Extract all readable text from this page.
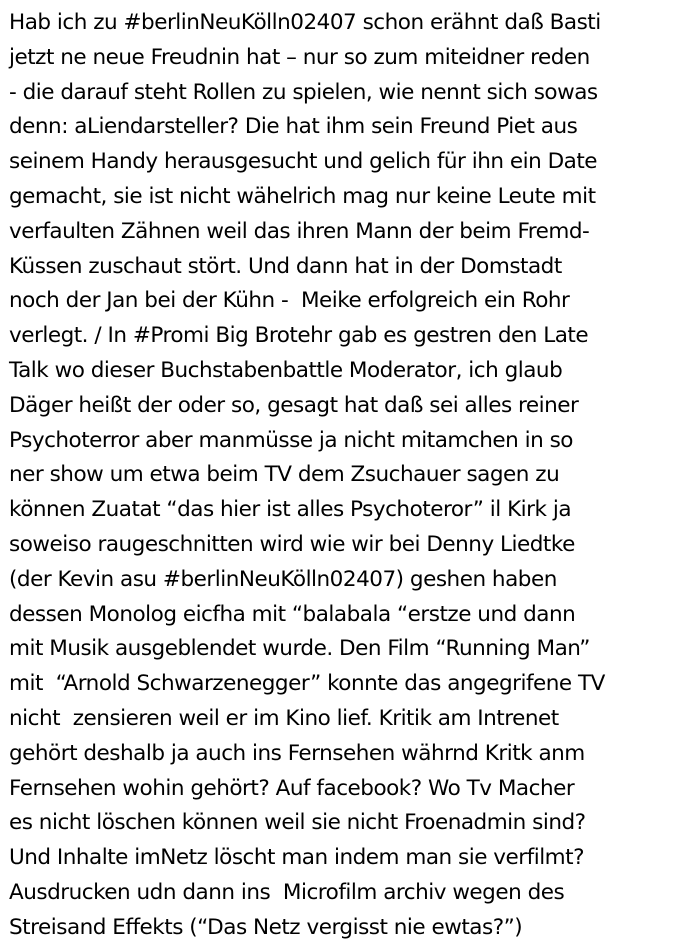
Hab ich zu #berlinNeuKölln02407 schon erähnt daß Basti
jetzt ne neue Freudnin hat – nur so zum miteidner reden
- die darauf steht Rollen zu spielen, wie nennt sich sowas
denn: aLiendarsteller? Die hat ihm sein Freund Piet aus
seinem Handy herausgesucht und gelich für ihn ein Date
gemacht, sie ist nicht wähelrich mag nur keine Leute mit
verfaulten Zähnen weil das ihren Mann der beim Fremd-
Küssen zuschaut stört. Und dann hat in der Domstadt
noch der Jan bei der Kühn -  Meike erfolgreich ein Rohr
verlegt. / In #Promi Big Brotehr gab es gestren den Late
Talk wo dieser Buchstabenbattle Moderator, ich glaub
Däger heißt der oder so, gesagt hat daß sei alles reiner
Psychoterror aber manmüsse ja nicht mitamchen in so
ner show um etwa beim TV dem Zsuchauer sagen zu
können Zuatat “das hier ist alles Psychoteror” il Kirk ja
soweiso raugeschnitten wird wie wir bei Denny Liedtke
(der Kevin asu #berlinNeuKölln02407) geshen haben
dessen Monolog eicfha mit “balabala “erstze und dann
mit Musik ausgeblendet wurde. Den Film “Running Man”
mit  “Arnold Schwarzenegger” konnte das angegrifene TV
nicht  zensieren weil er im Kino lief. Kritik am Intrenet
gehört deshalb ja auch ins Fernsehen währnd Kritk anm
Fernsehen wohin gehört? Auf facebook? Wo Tv Macher
es nicht löschen können weil sie nicht Froenadmin sind?
Und Inhalte imNetz löscht man indem man sie verfilmt?
Ausdrucken udn dann ins  Microfilm archiv wegen des
Streisand Effekts (“Das Netz vergisst nie ewtas?”)
